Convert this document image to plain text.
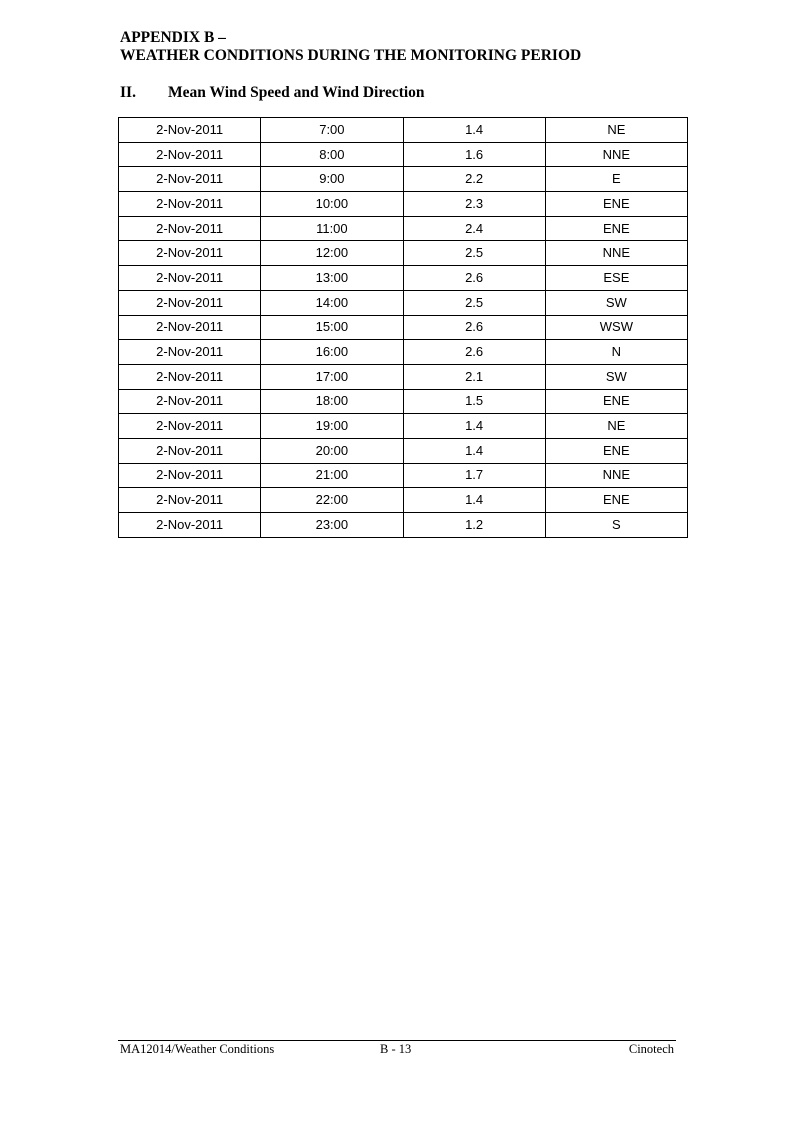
APPENDIX B –
WEATHER CONDITIONS DURING THE MONITORING PERIOD
II. Mean Wind Speed and Wind Direction
2-Nov-2011	7:00	1.4	NE
2-Nov-2011	8:00	1.6	NNE
2-Nov-2011	9:00	2.2	E
2-Nov-2011	10:00	2.3	ENE
2-Nov-2011	11:00	2.4	ENE
2-Nov-2011	12:00	2.5	NNE
2-Nov-2011	13:00	2.6	ESE
2-Nov-2011	14:00	2.5	SW
2-Nov-2011	15:00	2.6	WSW
2-Nov-2011	16:00	2.6	N
2-Nov-2011	17:00	2.1	SW
2-Nov-2011	18:00	1.5	ENE
2-Nov-2011	19:00	1.4	NE
2-Nov-2011	20:00	1.4	ENE
2-Nov-2011	21:00	1.7	NNE
2-Nov-2011	22:00	1.4	ENE
2-Nov-2011	23:00	1.2	S
MA12014/Weather Conditions	B - 13	Cinotech
